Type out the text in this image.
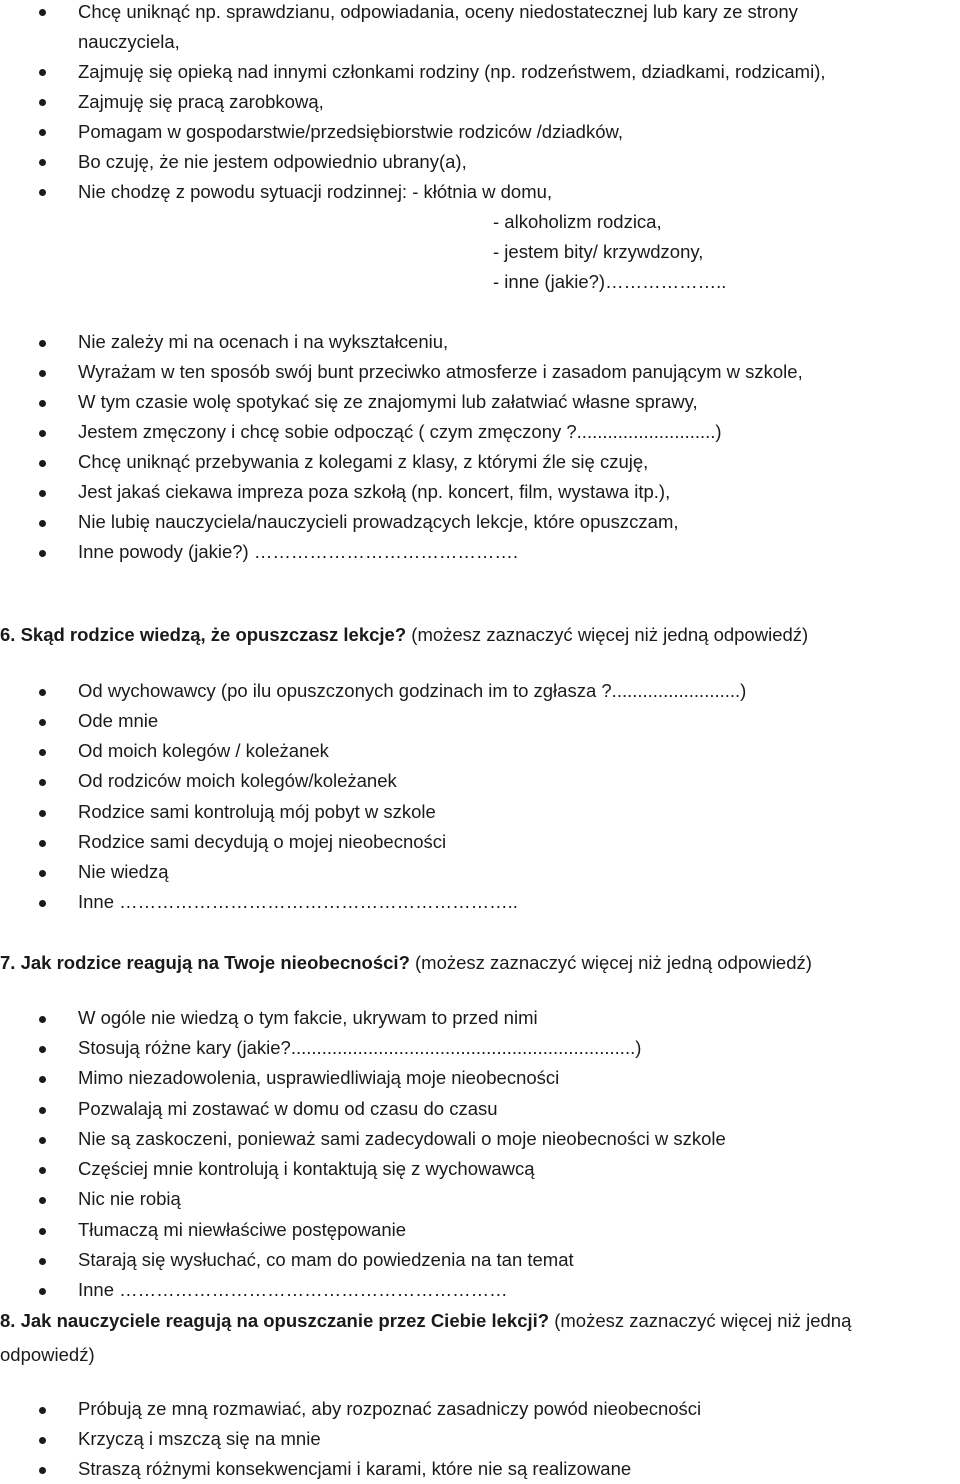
Chcę uniknąć np. sprawdzianu, odpowiadania, oceny niedostatecznej lub kary ze strony
nauczyciela,
Zajmuję się opieką nad innymi członkami rodziny (np. rodzeństwem, dziadkami, rodzicami),
Zajmuję się pracą zarobkową,
Pomagam w gospodarstwie/przedsiębiorstwie rodziców /dziadków,
Bo czuję, że nie jestem odpowiednio ubrany(a),
Nie chodzę z powodu sytuacji rodzinnej: - kłótnia w domu,
- alkoholizm rodzica,
- jestem bity/ krzywdzony,
- inne (jakie?)………………..
Nie zależy mi na ocenach i na wykształceniu,
Wyrażam w ten sposób swój bunt przeciwko atmosferze i zasadom panującym w szkole,
W tym czasie wolę spotykać się ze znajomymi lub załatwiać własne sprawy,
Jestem zmęczony i chcę sobie odpocząć ( czym zmęczony ?...........................)
Chcę uniknąć przebywania z kolegami z klasy, z którymi źle się czuję,
Jest jakaś ciekawa impreza poza szkołą (np. koncert, film, wystawa itp.),
Nie lubię nauczyciela/nauczycieli prowadzących lekcje, które opuszczam,
Inne powody (jakie?) …………………………………….
6. Skąd rodzice wiedzą, że opuszczasz lekcje? (możesz zaznaczyć więcej niż jedną odpowiedź)
Od wychowawcy (po ilu opuszczonych godzinach im to zgłasza ?.........................)
Ode mnie
Od moich kolegów / koleżanek
Od rodziców moich kolegów/koleżanek
Rodzice sami kontrolują mój pobyt w szkole
Rodzice sami decydują o mojej nieobecności
Nie wiedzą
Inne ………………………………………………………..
7. Jak rodzice reagują na Twoje nieobecności? (możesz zaznaczyć więcej niż jedną odpowiedź)
W ogóle nie wiedzą o tym fakcie, ukrywam to przed nimi
Stosują różne kary (jakie?...................................................................)
Mimo niezadowolenia, usprawiedliwiają moje nieobecności
Pozwalają mi zostawać w domu od czasu do czasu
Nie są zaskoczeni, ponieważ sami zadecydowali o moje nieobecności w szkole
Częściej mnie kontrolują i kontaktują się z wychowawcą
Nic nie robią
Tłumaczą mi niewłaściwe postępowanie
Starają się wysłuchać, co mam do powiedzenia na tan temat
Inne ………………………………………………………
8. Jak nauczyciele reagują na opuszczanie przez Ciebie lekcji? (możesz zaznaczyć więcej niż jedną
odpowiedź)
Próbują ze mną rozmawiać, aby rozpoznać zasadniczy powód nieobecności
Krzyczą i mszczą się na mnie
Straszą różnymi konsekwencjami i karami, które nie są realizowane
